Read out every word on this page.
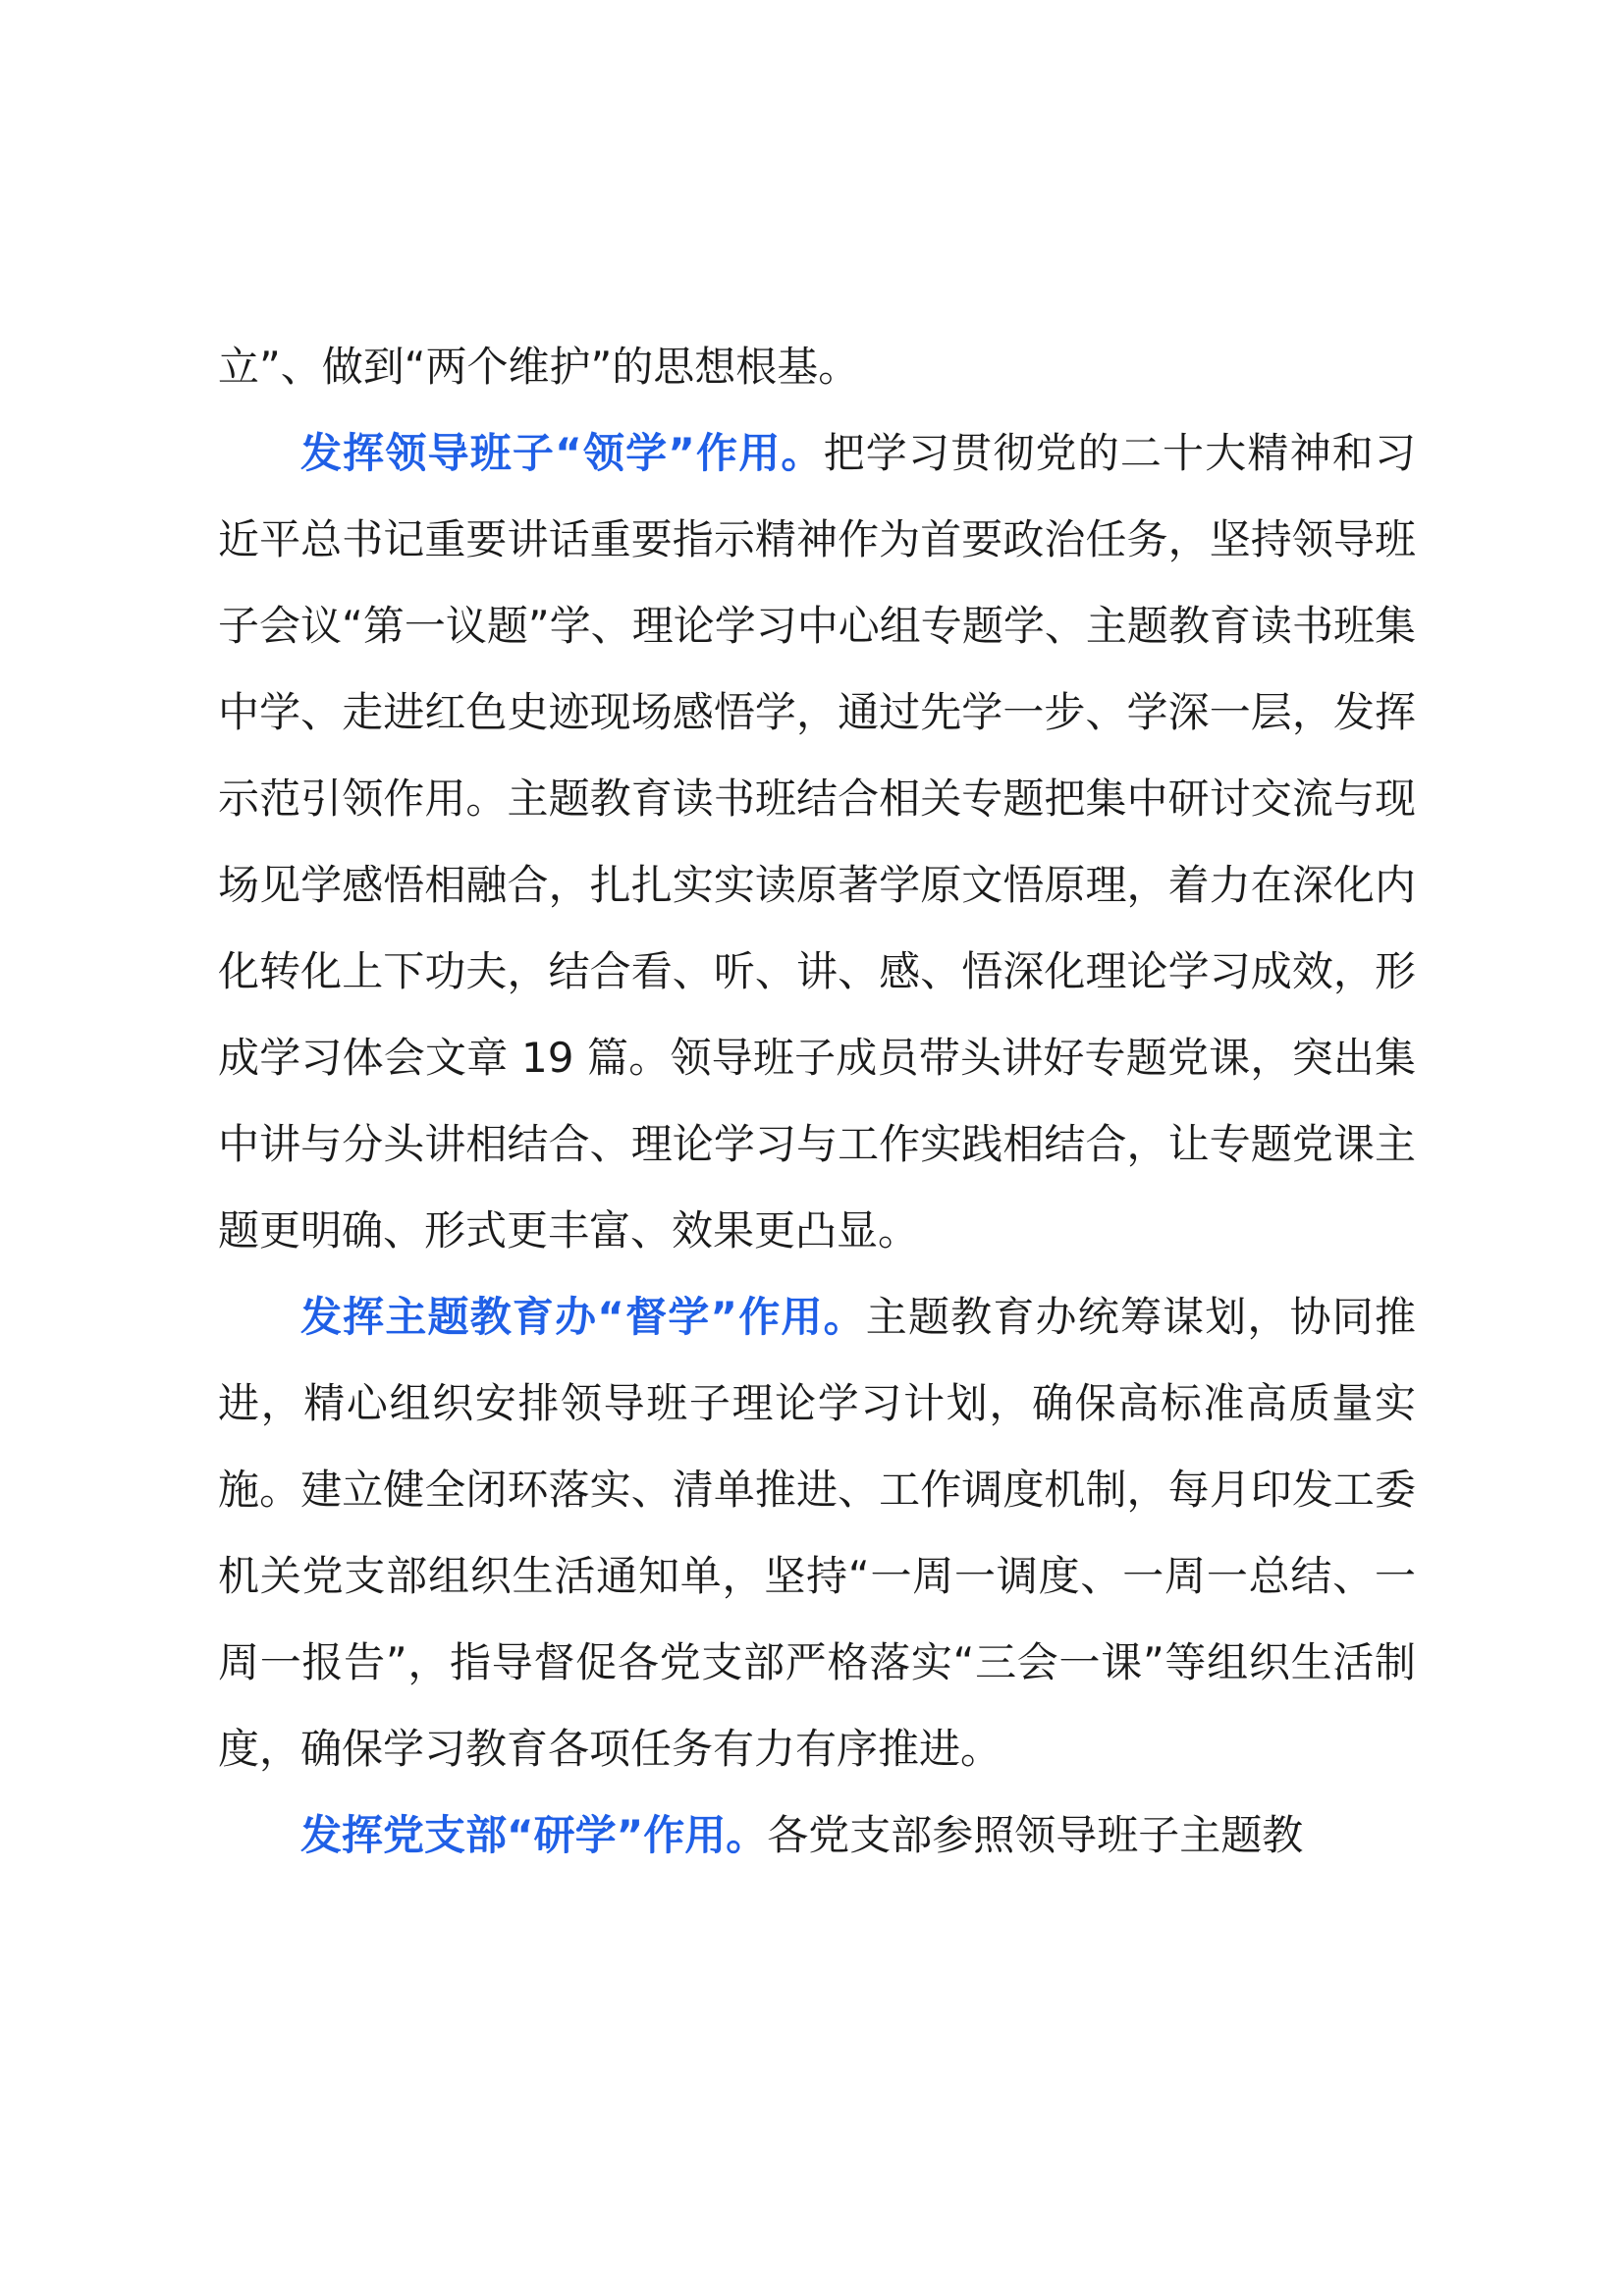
立”、做到“两个维护”的思想根基。

发挥领导班子“领学”作用。把学习贯彻党的二十大精神和习近平总书记重要讲话重要指示精神作为首要政治任务，坚持领导班子会议“第一议题”学、理论学习中心组专题学、主题教育读书班集中学、走进红色史迹现场感悟学，通过先学一步、学深一层，发挥示范引领作用。主题教育读书班结合相关专题把集中研讨交流与现场见学感悟相融合，扎扎实实读原著学原文悟原理，着力在深化内化转化上下功夫，结合看、听、讲、感、悟深化理论学习成效，形成学习体会文章 19 篇。领导班子成员带头讲好专题党课，突出集中讲与分头讲相结合、理论学习与工作实践相结合，让专题党课主题更明确、形式更丰富、效果更凸显。

发挥主题教育办“督学”作用。主题教育办统筹谋划，协同推进，精心组织安排领导班子理论学习计划，确保高标准高质量实施。建立健全闭环落实、清单推进、工作调度机制，每月印发工委机关党支部组织生活通知单，坚持“一周一调度、一周一总结、一周一报告”，指导督促各党支部严格落实“三会一课”等组织生活制度，确保学习教育各项任务有力有序推进。

发挥党支部“研学”作用。各党支部参照领导班子主题教
